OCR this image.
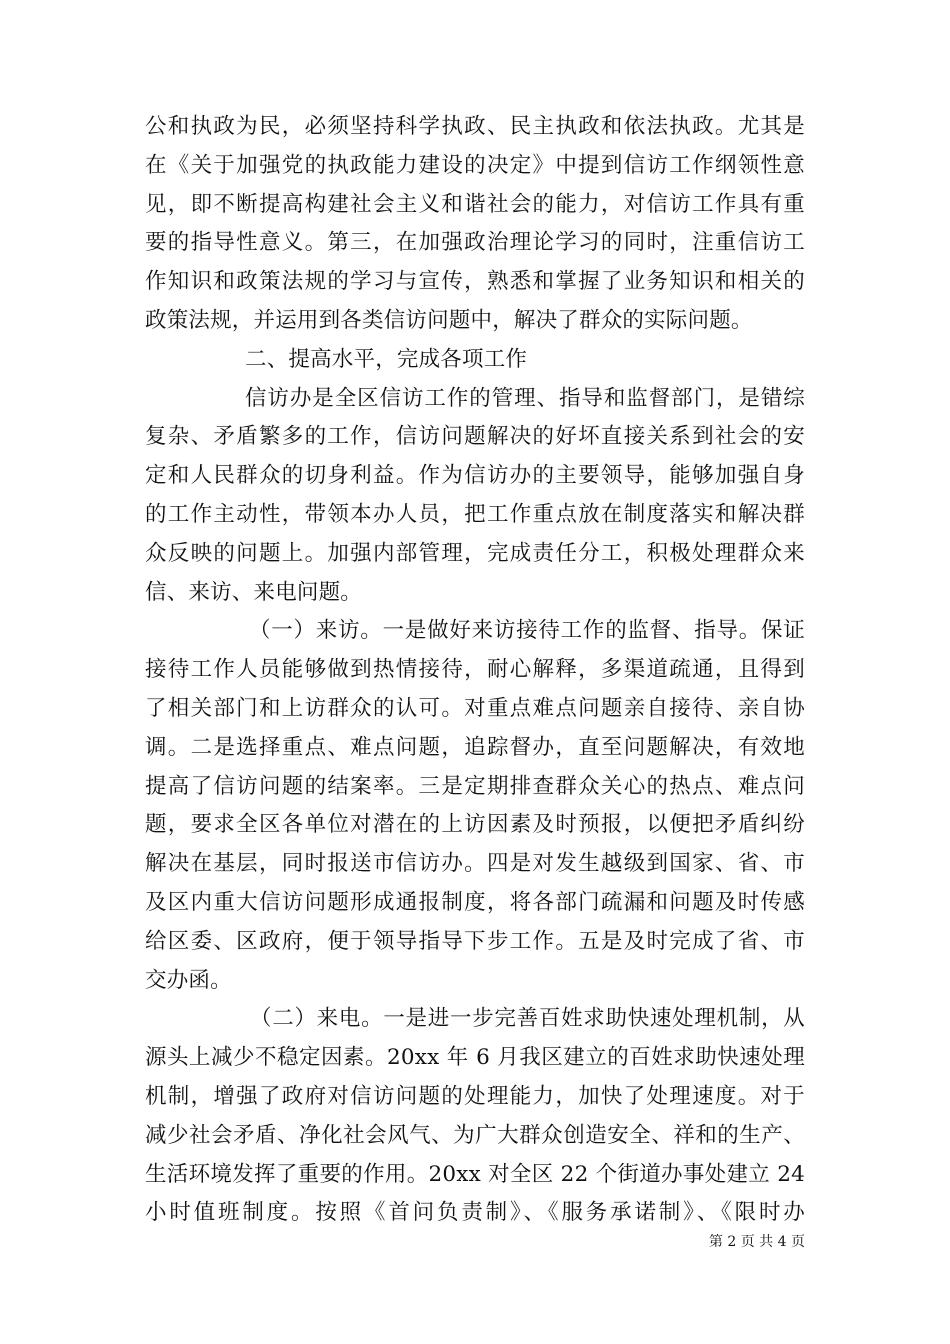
公和执政为民，必须坚持科学执政、民主执政和依法执政。尤其是
在《关于加强党的执政能力建设的决定》中提到信访工作纲领性意
见，即不断提高构建社会主义和谐社会的能力，对信访工作具有重
要的指导性意义。第三，在加强政治理论学习的同时，注重信访工
作知识和政策法规的学习与宣传，熟悉和掌握了业务知识和相关的
政策法规，并运用到各类信访问题中，解决了群众的实际问题。
二、提高水平，完成各项工作
信访办是全区信访工作的管理、指导和监督部门，是错综
复杂、矛盾繁多的工作，信访问题解决的好坏直接关系到社会的安
定和人民群众的切身利益。作为信访办的主要领导，能够加强自身
的工作主动性，带领本办人员，把工作重点放在制度落实和解决群
众反映的问题上。加强内部管理，完成责任分工，积极处理群众来
信、来访、来电问题。
（一）来访。一是做好来访接待工作的监督、指导。保证
接待工作人员能够做到热情接待，耐心解释，多渠道疏通，且得到
了相关部门和上访群众的认可。对重点难点问题亲自接待、亲自协
调。二是选择重点、难点问题，追踪督办，直至问题解决，有效地
提高了信访问题的结案率。三是定期排查群众关心的热点、难点问
题，要求全区各单位对潜在的上访因素及时预报，以便把矛盾纠纷
解决在基层，同时报送市信访办。四是对发生越级到国家、省、市
及区内重大信访问题形成通报制度，将各部门疏漏和问题及时传感
给区委、区政府，便于领导指导下步工作。五是及时完成了省、市
交办函。
（二）来电。一是进一步完善百姓求助快速处理机制，从
源头上减少不稳定因素。20xx 年 6 月我区建立的百姓求助快速处理
机制，增强了政府对信访问题的处理能力，加快了处理速度。对于
减少社会矛盾、净化社会风气、为广大群众创造安全、祥和的生产、
生活环境发挥了重要的作用。20xx 对全区 22 个街道办事处建立 24
小时值班制度。按照《首问负责制》、《服务承诺制》、《限时办
第 2 页 共 4 页
